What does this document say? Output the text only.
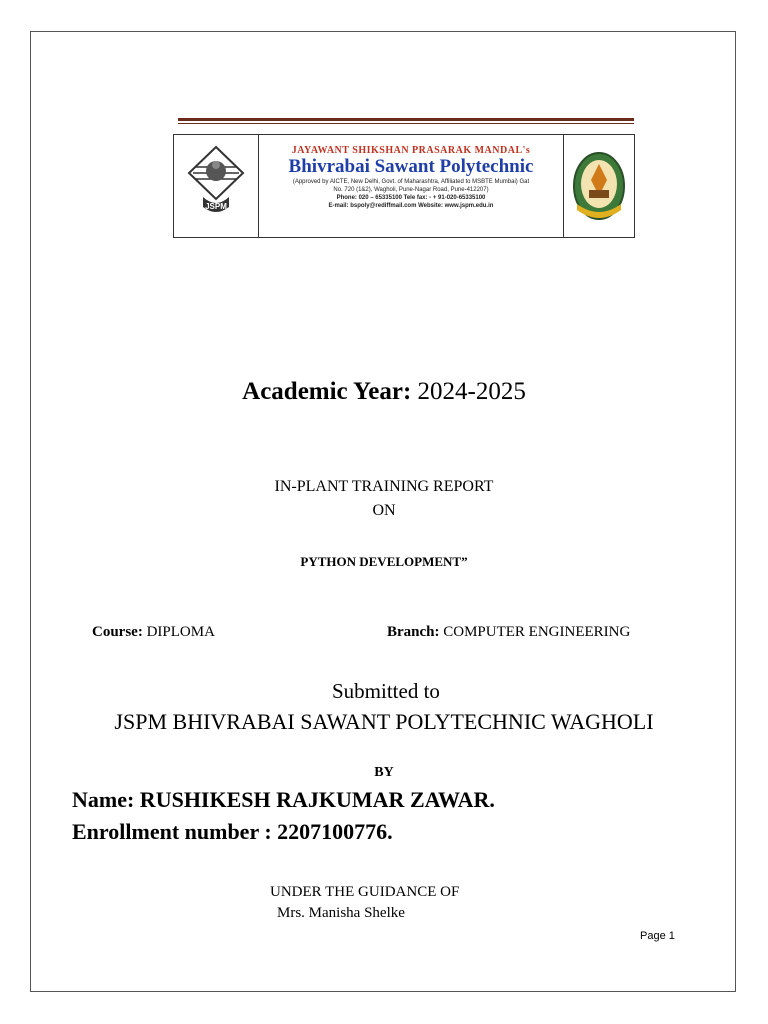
JSPM
JAYAWANT SHIKSHAN PRASARAK MANDAL's
Bhivrabai Sawant Polytechnic
(Approved by AICTE, New Delhi, Govt. of Maharashtra, Affiliated to MSBTE Mumbai) Gat
No. 720 (1&2), Wagholi, Pune-Nagar Road, Pune-412207)
Phone: 020 – 65335100 Tele fax: - + 91-020-65335100
E-mail: bspoly@rediffmail.com Website: www.jspm.edu.in
Academic Year: 2024-2025
IN-PLANT TRAINING REPORT
ON
PYTHON DEVELOPMENT”
Course: DIPLOMA	Branch: COMPUTER ENGINEERING
Submitted to
JSPM BHIVRABAI SAWANT POLYTECHNIC WAGHOLI
BY
Name: RUSHIKESH RAJKUMAR ZAWAR.
Enrollment number : 2207100776.
UNDER THE GUIDANCE OF
Mrs. Manisha Shelke
Page 1
